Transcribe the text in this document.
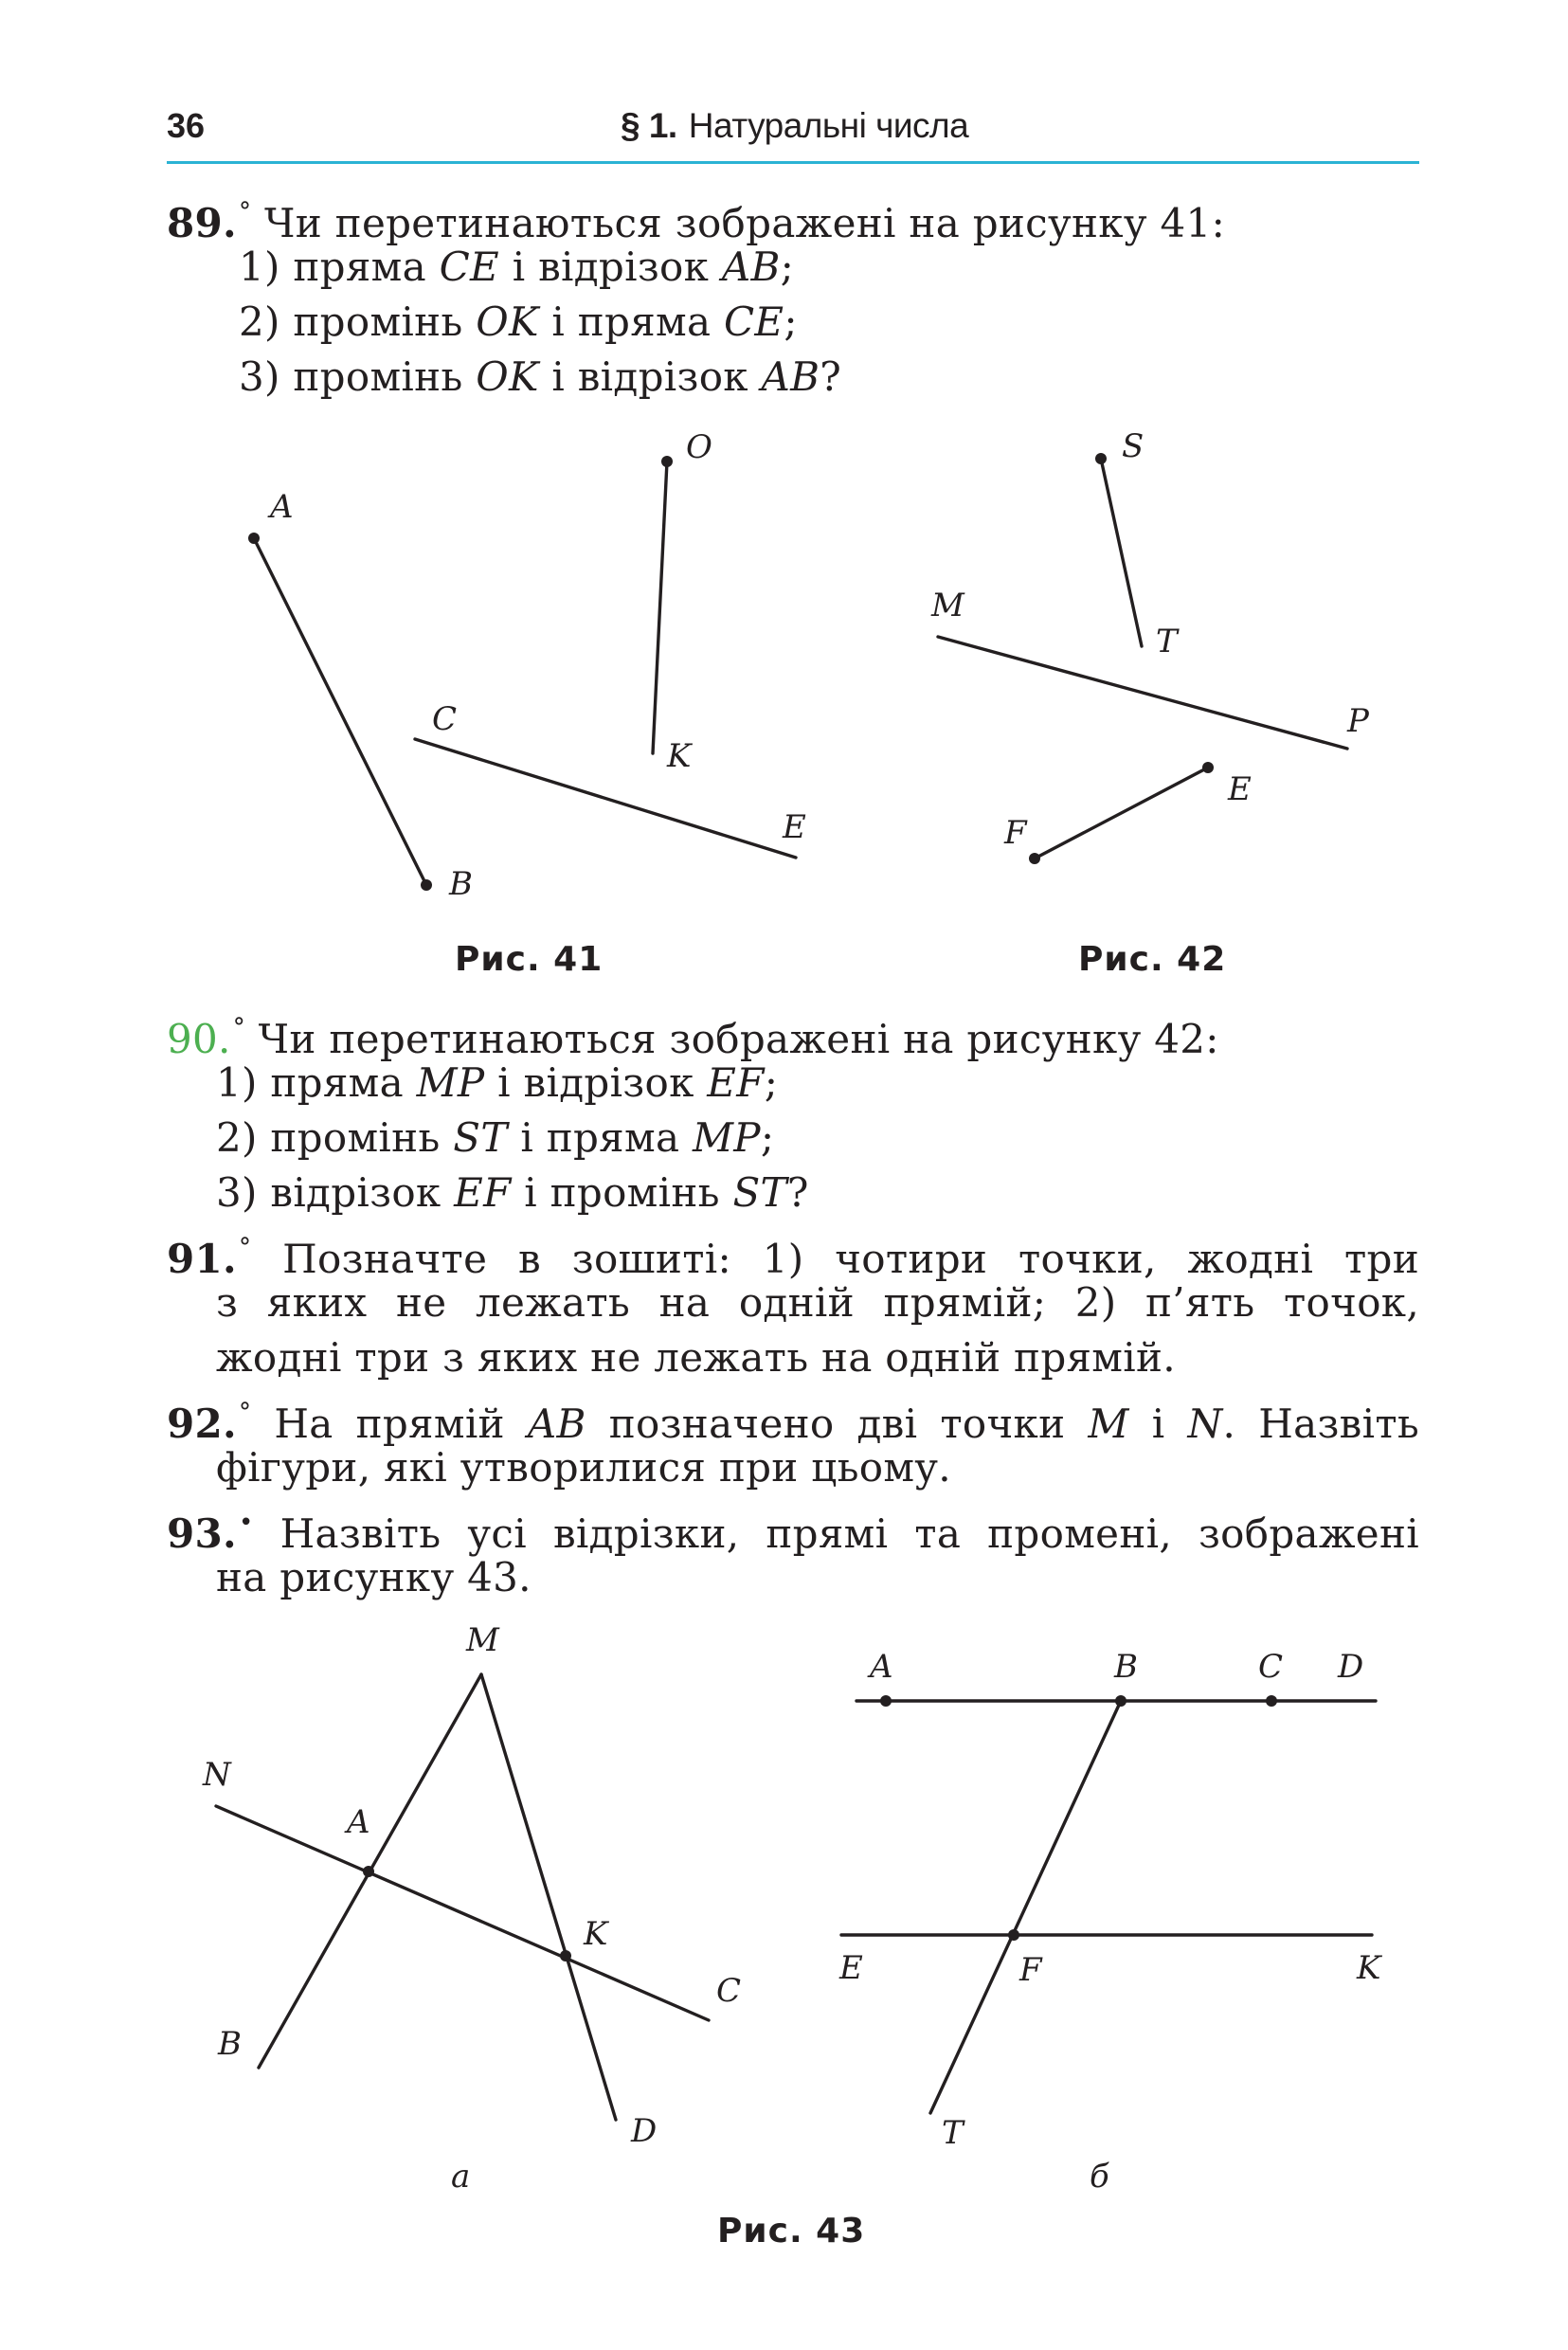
36	§ 1. Натуральні числа
89.° Чи перетинаються зображені на рисунку 41:
1) пряма CE і відрізок AB;
2) промінь OK і пряма CE;
3) промінь OK і відрізок AB?
A
B
C
E
O
K
S
T
M
P
E
F
M
N
A
K
C
B
D
а
A	B	C D
E	F	K
T
б
Рис. 41	Рис. 42
90.° Чи перетинаються зображені на рисунку 42:
1) пряма MP і відрізок EF;
2) промінь ST і пряма MP;
3) відрізок EF і промінь ST?
91.° Позначте в зошиті: 1) чотири точки, жодні три
з яких не лежать на одній прямій; 2) п’ять точок,
жодні три з яких не лежать на одній прямій.
92.° На прямій AB позначено дві точки M і N. Назвіть
фігури, які утворилися при цьому.
93.• Назвіть усі відрізки, прямі та промені, зображені
на рисунку 43.
Рис. 43
